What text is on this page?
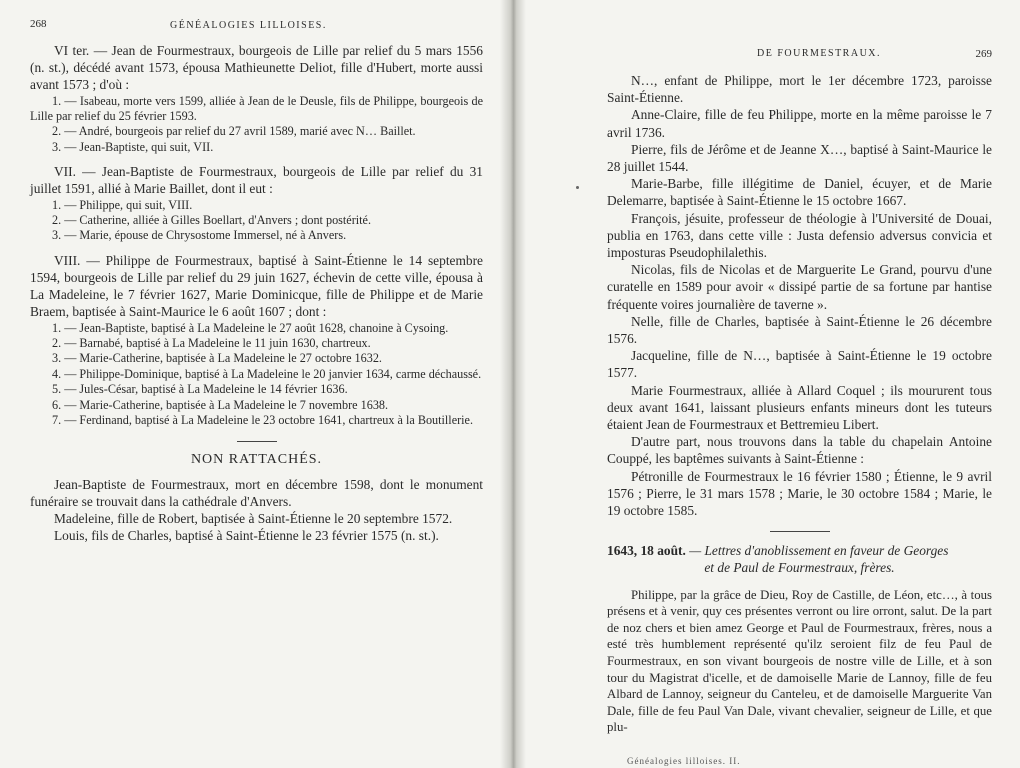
268	GÉNÉALOGIES LILLOISES.

VI ter. — Jean de Fourmestraux, bourgeois de Lille par relief du 5 mars 1556 (n. st.), décédé avant 1573, épousa Mathieunette Deliot, fille d'Hubert, morte aussi avant 1573 ; d'où :

1. — Isabeau, morte vers 1599, alliée à Jean de le Deusle, fils de Philippe, bourgeois de Lille par relief du 25 février 1593.

2. — André, bourgeois par relief du 27 avril 1589, marié avec N… Baillet.

3. — Jean-Baptiste, qui suit, VII.

VII. — Jean-Baptiste de Fourmestraux, bourgeois de Lille par relief du 31 juillet 1591, allié à Marie Baillet, dont il eut :

1. — Philippe, qui suit, VIII.

2. — Catherine, alliée à Gilles Boellart, d'Anvers ; dont postérité.

3. — Marie, épouse de Chrysostome Immersel, né à Anvers.

VIII. — Philippe de Fourmestraux, baptisé à Saint-Étienne le 14 septembre 1594, bourgeois de Lille par relief du 29 juin 1627, échevin de cette ville, épousa à La Madeleine, le 7 février 1627, Marie Dominicque, fille de Philippe et de Marie Braem, baptisée à Saint-Maurice le 6 août 1607 ; dont :

1. — Jean-Baptiste, baptisé à La Madeleine le 27 août 1628, chanoine à Cysoing.

2. — Barnabé, baptisé à La Madeleine le 11 juin 1630, chartreux.

3. — Marie-Catherine, baptisée à La Madeleine le 27 octobre 1632.

4. — Philippe-Dominique, baptisé à La Madeleine le 20 janvier 1634, carme déchaussé.

5. — Jules-César, baptisé à La Madeleine le 14 février 1636.

6. — Marie-Catherine, baptisée à La Madeleine le 7 novembre 1638.

7. — Ferdinand, baptisé à La Madeleine le 23 octobre 1641, chartreux à la Boutillerie.

NON RATTACHÉS.

Jean-Baptiste de Fourmestraux, mort en décembre 1598, dont le monument funéraire se trouvait dans la cathédrale d'Anvers.

Madeleine, fille de Robert, baptisée à Saint-Étienne le 20 septembre 1572.

Louis, fils de Charles, baptisé à Saint-Étienne le 23 février 1575 (n. st.).

DE FOURMESTRAUX.	269

N…, enfant de Philippe, mort le 1er décembre 1723, paroisse Saint-Étienne.

Anne-Claire, fille de feu Philippe, morte en la même paroisse le 7 avril 1736.

Pierre, fils de Jérôme et de Jeanne X…, baptisé à Saint-Maurice le 28 juillet 1544.

Marie-Barbe, fille illégitime de Daniel, écuyer, et de Marie Delemarre, baptisée à Saint-Étienne le 15 octobre 1667.

François, jésuite, professeur de théologie à l'Université de Douai, publia en 1763, dans cette ville : Justa defensio adversus convicia et imposturas Pseudophilalethis.

Nicolas, fils de Nicolas et de Marguerite Le Grand, pourvu d'une curatelle en 1589 pour avoir « dissipé partie de sa fortune par hantise fréquente voires journalière de taverne ».

Nelle, fille de Charles, baptisée à Saint-Étienne le 26 décembre 1576.

Jacqueline, fille de N…, baptisée à Saint-Étienne le 19 octobre 1577.

Marie Fourmestraux, alliée à Allard Coquel ; ils moururent tous deux avant 1641, laissant plusieurs enfants mineurs dont les tuteurs étaient Jean de Fourmestraux et Bettremieu Libert.

D'autre part, nous trouvons dans la table du chapelain Antoine Couppé, les baptêmes suivants à Saint-Étienne :

Pétronille de Fourmestraux le 16 février 1580 ; Étienne, le 9 avril 1576 ; Pierre, le 31 mars 1578 ; Marie, le 30 octobre 1584 ; Marie, le 19 octobre 1585.

1643, 18 août. — Lettres d'anoblissement en faveur de Georges

et de Paul de Fourmestraux, frères.

Philippe, par la grâce de Dieu, Roy de Castille, de Léon, etc…, à tous présens et à venir, quy ces présentes verront ou lire orront, salut. De la part de noz chers et bien amez George et Paul de Fourmestraux, frères, nous a esté très humblement représenté qu'ilz seroient filz de feu Paul de Fourmestraux, en son vivant bourgeois de nostre ville de Lille, et à son tour du Magistrat d'icelle, et de damoiselle Marie de Lannoy, fille de feu Albard de Lannoy, seigneur du Canteleu, et de damoiselle Marguerite Van Dale, fille de feu Paul Van Dale, vivant chevalier, seigneur de Lille, et que plu-

Généalogies lilloises. II.
